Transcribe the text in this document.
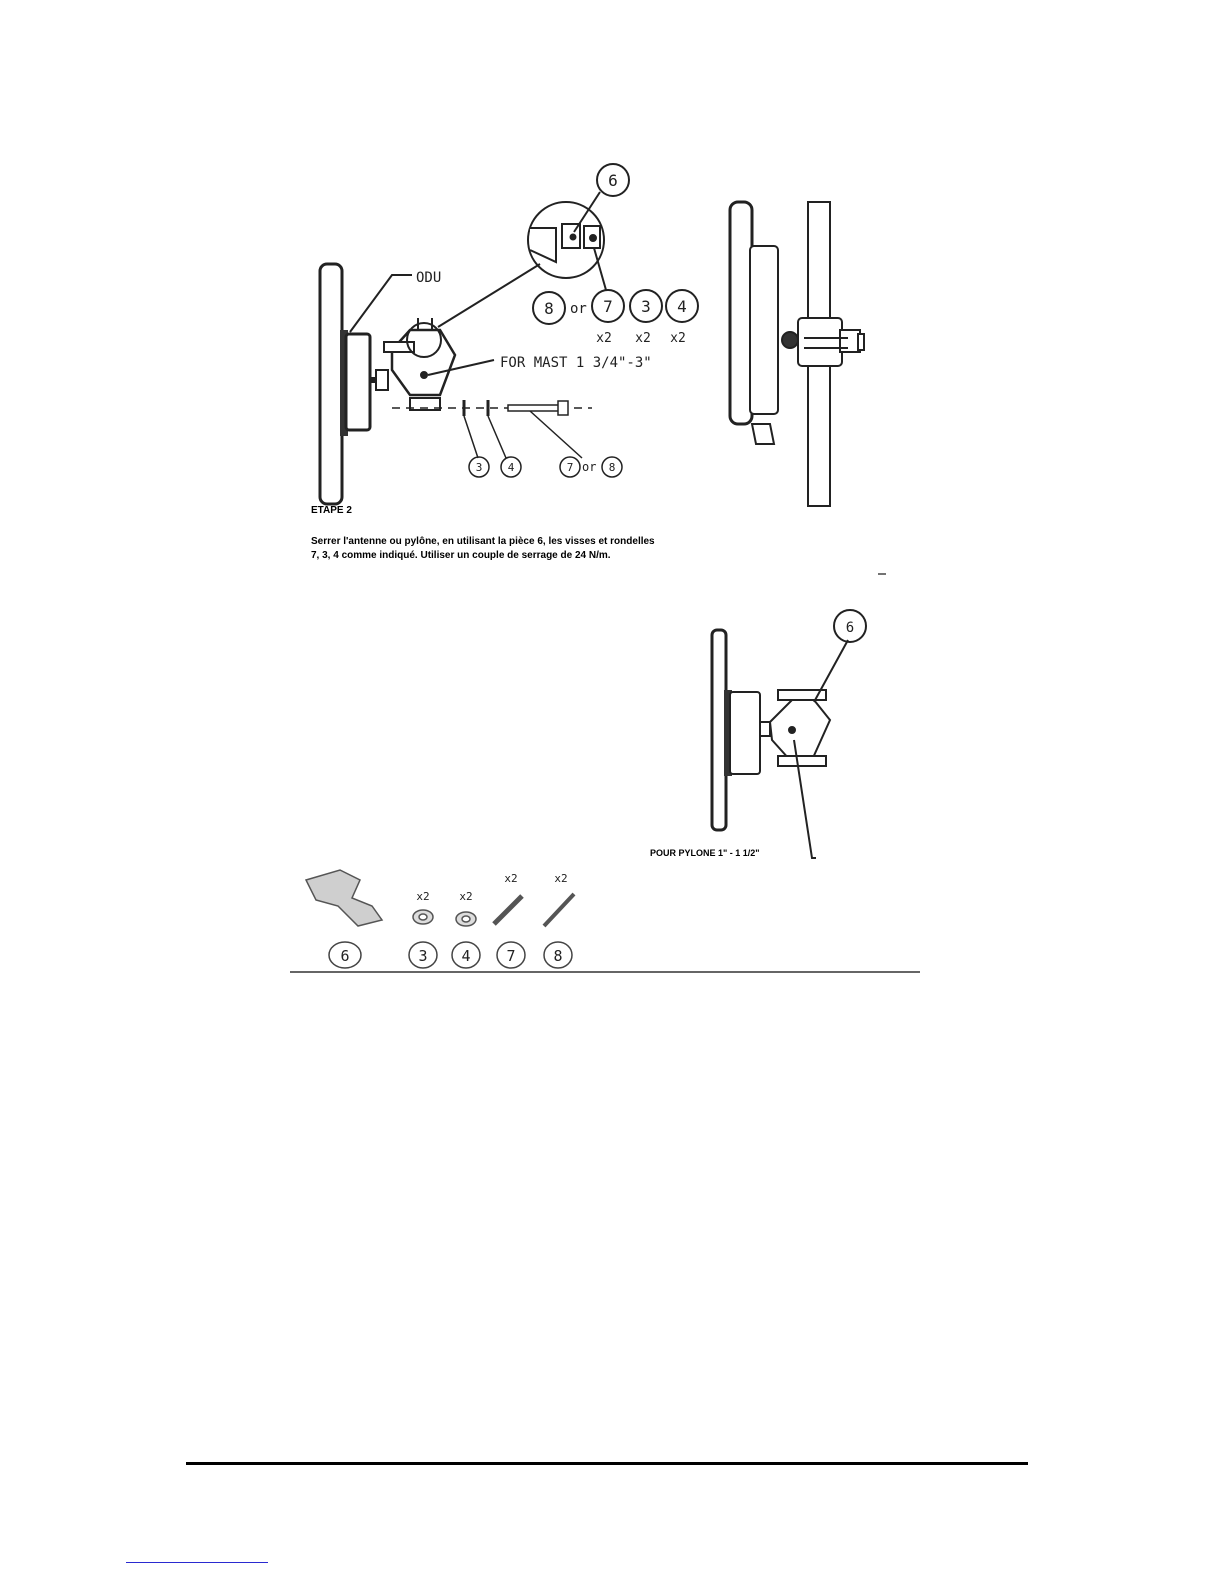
ODU
FOR MAST 1 3/4"-3"
6
8 or 7 3 4
x2 x2 x2
3 4	7 or 8
ETAPE 2
Serrer l'antenne ou pylône, en utilisant la pièce 6, les visses et rondelles
7, 3, 4 comme indiqué. Utiliser un couple de serrage de 24 N/m.
6
POUR PYLONE 1" - 1 1/2"
x2	x2
x2	x2
6	3 4 7	8
